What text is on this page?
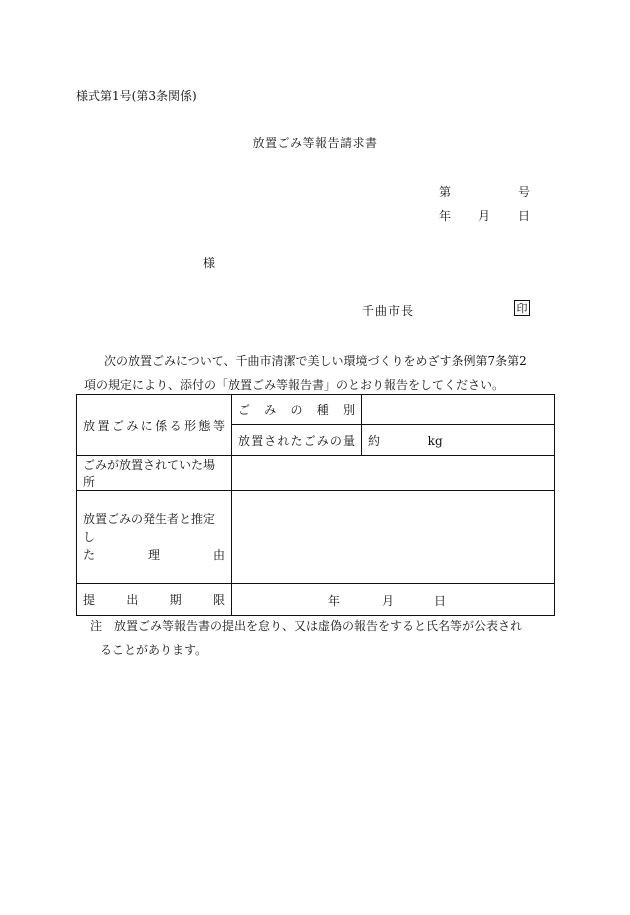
様式第1号(第3条関係)
放置ごみ等報告請求書
第	号
年 月 日
様
千曲市長	印
次の放置ごみについて、千曲市清潔で美しい環境づくりをめざす条例第7条第2
項の規定により、添付の「放置ごみ等報告書」のとおり報告をしてください。
放置ごみに係る形態等	ごみの種別	

	放置されたごみの量	約 kg

ごみが放置されていた場所		

放置ごみの発生者と推定し
た理由		

提出期限	年 月 日	
注　放置ごみ等報告書の提出を怠り、又は虚偽の報告をすると氏名等が公表され
ることがあります。
